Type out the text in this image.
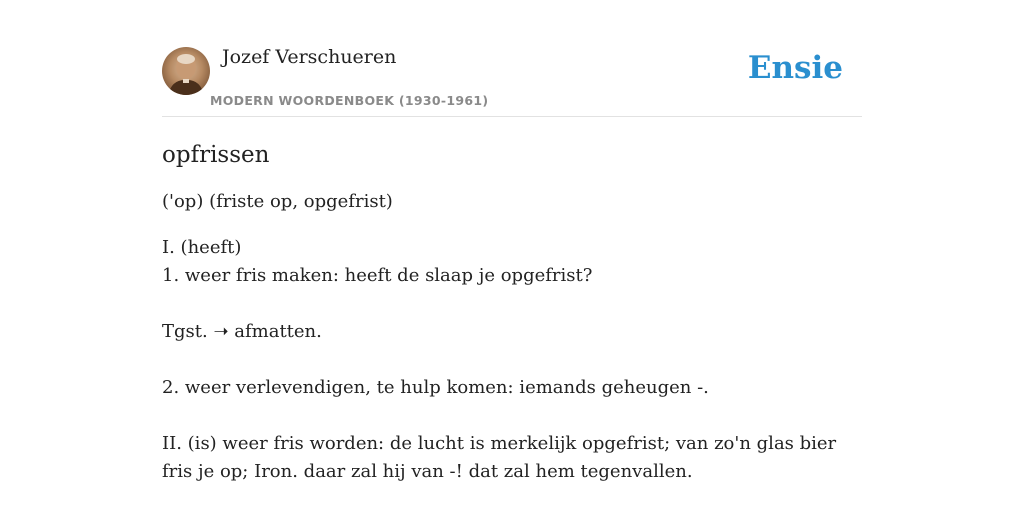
Jozef Verschueren
MODERN WOORDENBOEK (1930-1961)
Ensie
opfrissen

('op) (friste op, opgefrist)

I. (heeft)

1. weer fris maken: heeft de slaap je opgefrist?

Tgst. ➝ afmatten.

2. weer verlevendigen, te hulp komen: iemands geheugen -.

II. (is) weer fris worden: de lucht is merkelijk opgefrist; van zo'n glas bier fris je op; Iron. daar zal hij van -! dat zal hem tegenvallen.
